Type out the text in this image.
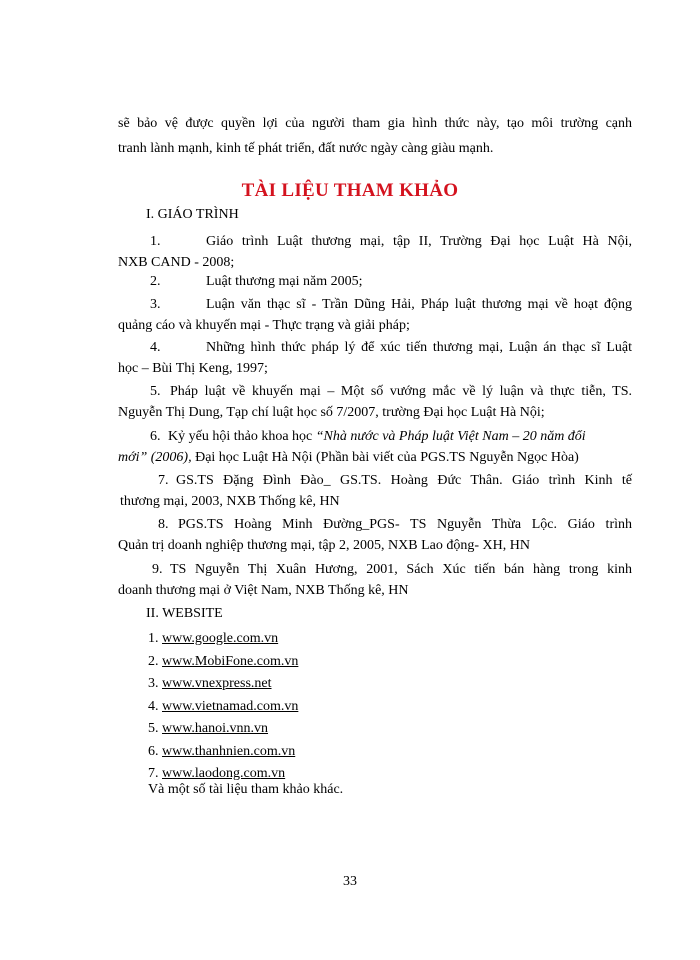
sẽ bảo vệ được quyền lợi của người tham gia hình thức này, tạo môi trường cạnh

tranh lành mạnh, kinh tế phát triển, đất nước ngày càng giàu mạnh.

TÀI LIỆU THAM KHẢO
I. GIÁO TRÌNH
1.	Giáo trình Luật thương mại, tập II, Trường Đại học Luật Hà Nội,
NXB CAND - 2008;
2.	Luật thương mại năm 2005;
3.	Luận văn thạc sĩ - Trần Dũng Hải, Pháp luật thương mại về hoạt động
quảng cáo và khuyến mại - Thực trạng và giải pháp;
4.	Những hình thức pháp lý để xúc tiến thương mại, Luận án thạc sĩ Luật
học – Bùi Thị Keng, 1997;
5. Pháp luật về khuyến mại – Một số vướng mắc về lý luận và thực tiễn, TS.
Nguyễn Thị Dung, Tạp chí luật học số 7/2007, trường Đại học Luật Hà Nội;
6. Kỷ yếu hội thảo khoa học “Nhà nước và Pháp luật Việt Nam – 20 năm đổi
mới” (2006), Đại học Luật Hà Nội (Phần bài viết của PGS.TS Nguyễn Ngọc Hòa)
7. GS.TS Đặng Đình Đào_ GS.TS. Hoàng Đức Thân. Giáo trình Kinh tế
thương mại, 2003, NXB Thống kê, HN
8. PGS.TS Hoàng Minh Đường_PGS- TS Nguyễn Thừa Lộc. Giáo trình
Quản trị doanh nghiệp thương mại, tập 2, 2005, NXB Lao động- XH, HN
9. TS Nguyễn Thị Xuân Hương, 2001, Sách Xúc tiến bán hàng trong kinh
doanh thương mại ở Việt Nam, NXB Thống kê, HN
II. WEBSITE
1. www.google.com.vn
2. www.MobiFone.com.vn
3. www.vnexpress.net
4. www.vietnamad.com.vn
5. www.hanoi.vnn.vn
6. www.thanhnien.com.vn
7. www.laodong.com.vn
Và một số tài liệu tham khảo khác.
33
